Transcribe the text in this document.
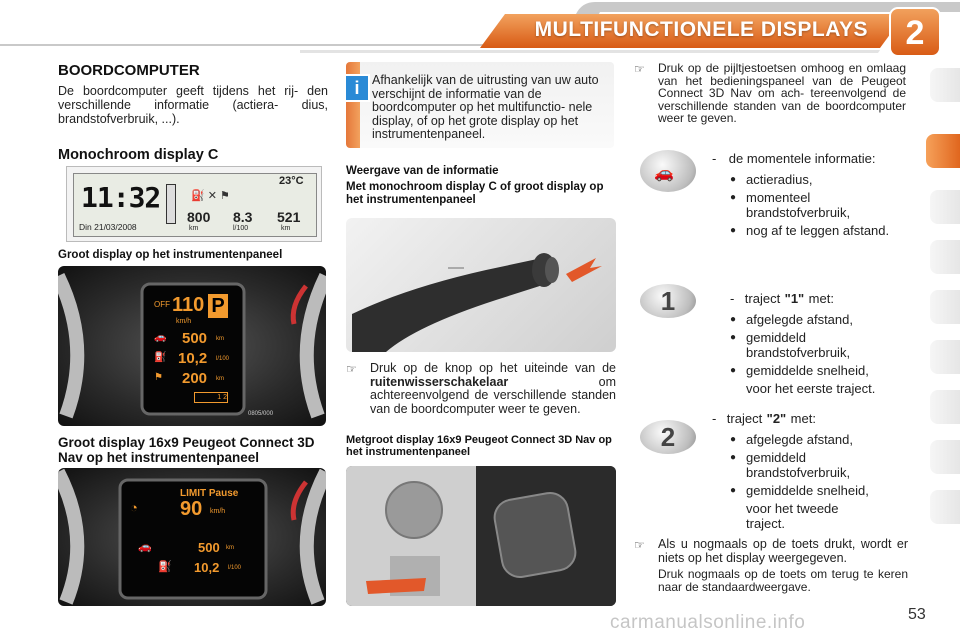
MULTIFUNCTIONELE DISPLAYS	2
BOORDCOMPUTER

De boordcomputer geeft tijdens het rij- den verschillende informatie (actiera- dius, brandstofverbruik, ...).

Monochroom display C
11:32
Din 21/03/2008
23°C
⛽ ✕ ⚑
800
km
8.3
l/100
521
km

Groot display op het instrumentenpaneel

OFF 110
km/h
P
🚗 500 km
⛽ 10,2 l/100
⚑ 200 km
1 2
0805/000

Groot display 16x9 Peugeot Connect 3D Nav op het instrumentenpaneel

LIMIT Pause
◔ 90 km/h
🚗	500 km
⛽ 10,2 l/100
i	Afhankelijk van de uitrusting van uw auto verschijnt de informatie van de boordcomputer op het multifunctio- nele display, of op het grote display op het instrumentenpaneel.

Weergave van de informatie

Met monochroom display C of groot display op het instrumentenpaneel

☞ Druk op de knop op het uiteinde van de ruitenwisserschakelaar	om achtereenvolgend de verschillende standen van de boordcomputer weer te geven.

Metgroot display 16x9 Peugeot Connect 3D Nav op het instrumentenpaneel

☞ Druk op de pijltjestoetsen omhoog en omlaag van het bedieningspaneel van de Peugeot Connect 3D Nav om ach- tereenvolgend de verschillende standen van de boordcomputer weer te geven.

🚗
- de momentele informatie:
● actieradius,
● momenteel brandstofverbruik,
● nog af te leggen afstand.
1	- traject "1" met:
● afgelegde afstand,
● gemiddeld brandstofverbruik,
● gemiddelde snelheid,
voor het eerste traject.
2
- traject "2" met:
● afgelegde afstand,
● gemiddeld brandstofverbruik,
● gemiddelde snelheid,
voor het tweede traject.
☞ Als u nogmaals op de toets drukt, wordt er niets op het display weergegeven.

Druk nogmaals op de toets om terug te keren naar de standaardweergave.

53
carmanualsonline.info
